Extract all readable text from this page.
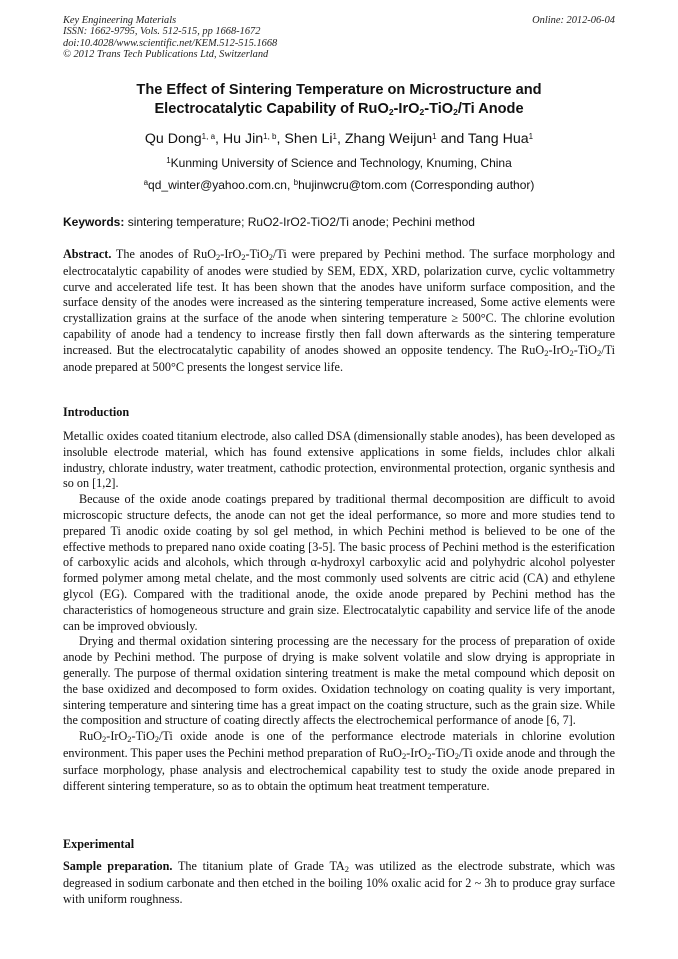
Key Engineering Materials
ISSN: 1662-9795, Vols. 512-515, pp 1668-1672
doi:10.4028/www.scientific.net/KEM.512-515.1668
© 2012 Trans Tech Publications Ltd, Switzerland
Online: 2012-06-04
The Effect of Sintering Temperature on Microstructure and
Electrocatalytic Capability of RuO$_2$-IrO$_2$-TiO$_2$/Ti Anode
Qu Dong$^{1, a}$, Hu Jin$^{1, b}$, Shen Li$^1$, Zhang Weijun$^1$ and Tang Hua$^1$
$^1$Kunming University of Science and Technology, Knuming, China
$^a$qd_winter@yahoo.com.cn, $^b$hujinwcru@tom.com (Corresponding author)
Keywords: sintering temperature; RuO2-IrO2-TiO2/Ti anode; Pechini method

Abstract. The anodes of RuO$_2$-IrO$_2$-TiO$_2$/Ti were prepared by Pechini method. The surface morphology and electrocatalytic capability of anodes were studied by SEM, EDX, XRD, polarization curve, cyclic voltammetry curve and accelerated life test. It has been shown that the anodes have uniform surface composition, and the surface density of the anodes were increased as the sintering temperature increased, Some active elements were crystallization grains at the surface of the anode when sintering temperature ≥ 500°C. The chlorine evolution capability of anode had a tendency to increase firstly then fall down afterwards as the sintering temperature increased. But the electrocatalytic capability of anodes showed an opposite tendency. The RuO$_2$-IrO$_2$-TiO$_2$/Ti anode prepared at 500°C presents the longest service life.

Introduction

Metallic oxides coated titanium electrode, also called DSA (dimensionally stable anodes), has been developed as insoluble electrode material, which has found extensive applications in some fields, includes chlor alkali industry, chlorate industry, water treatment, cathodic protection, environmental protection, organic synthesis and so on [1,2].

Because of the oxide anode coatings prepared by traditional thermal decomposition are difficult to avoid microscopic structure defects, the anode can not get the ideal performance, so more and more studies tend to prepared Ti anodic oxide coating by sol gel method, in which Pechini method is believed to be one of the effective methods to prepared nano oxide coating [3-5]. The basic process of Pechini method is the esterification of carboxylic acids and alcohols, which through α-hydroxyl carboxylic acid and polyhydric alcohol polyester formed polymer among metal chelate, and the most commonly used solvents are citric acid (CA) and ethylene glycol (EG). Compared with the traditional anode, the oxide anode prepared by Pechini method has the characteristics of homogeneous structure and grain size. Electrocatalytic capability and service life of the anode can be improved obviously.

Drying and thermal oxidation sintering processing are the necessary for the process of preparation of oxide anode by Pechini method. The purpose of drying is make solvent volatile and slow drying is appropriate in generally. The purpose of thermal oxidation sintering treatment is make the metal compound which deposit on the base oxidized and decomposed to form oxides. Oxidation technology on coating quality is very important, sintering temperature and sintering time has a great impact on the coating structure, such as the grain size. While the composition and structure of coating directly affects the electrochemical performance of anode [6, 7].

RuO$_2$-IrO$_2$-TiO$_2$/Ti oxide anode is one of the performance electrode materials in chlorine evolution environment. This paper uses the Pechini method preparation of RuO$_2$-IrO$_2$-TiO$_2$/Ti oxide anode and through the surface morphology, phase analysis and electrochemical capability test to study the oxide anode prepared in different sintering temperature, so as to obtain the optimum heat treatment temperature.

Experimental

Sample preparation. The titanium plate of Grade $TA_2$ was utilized as the electrode substrate, which was degreased in sodium carbonate and then etched in the boiling 10% oxalic acid for 2 ~ 3h to produce gray surface with uniform roughness.
